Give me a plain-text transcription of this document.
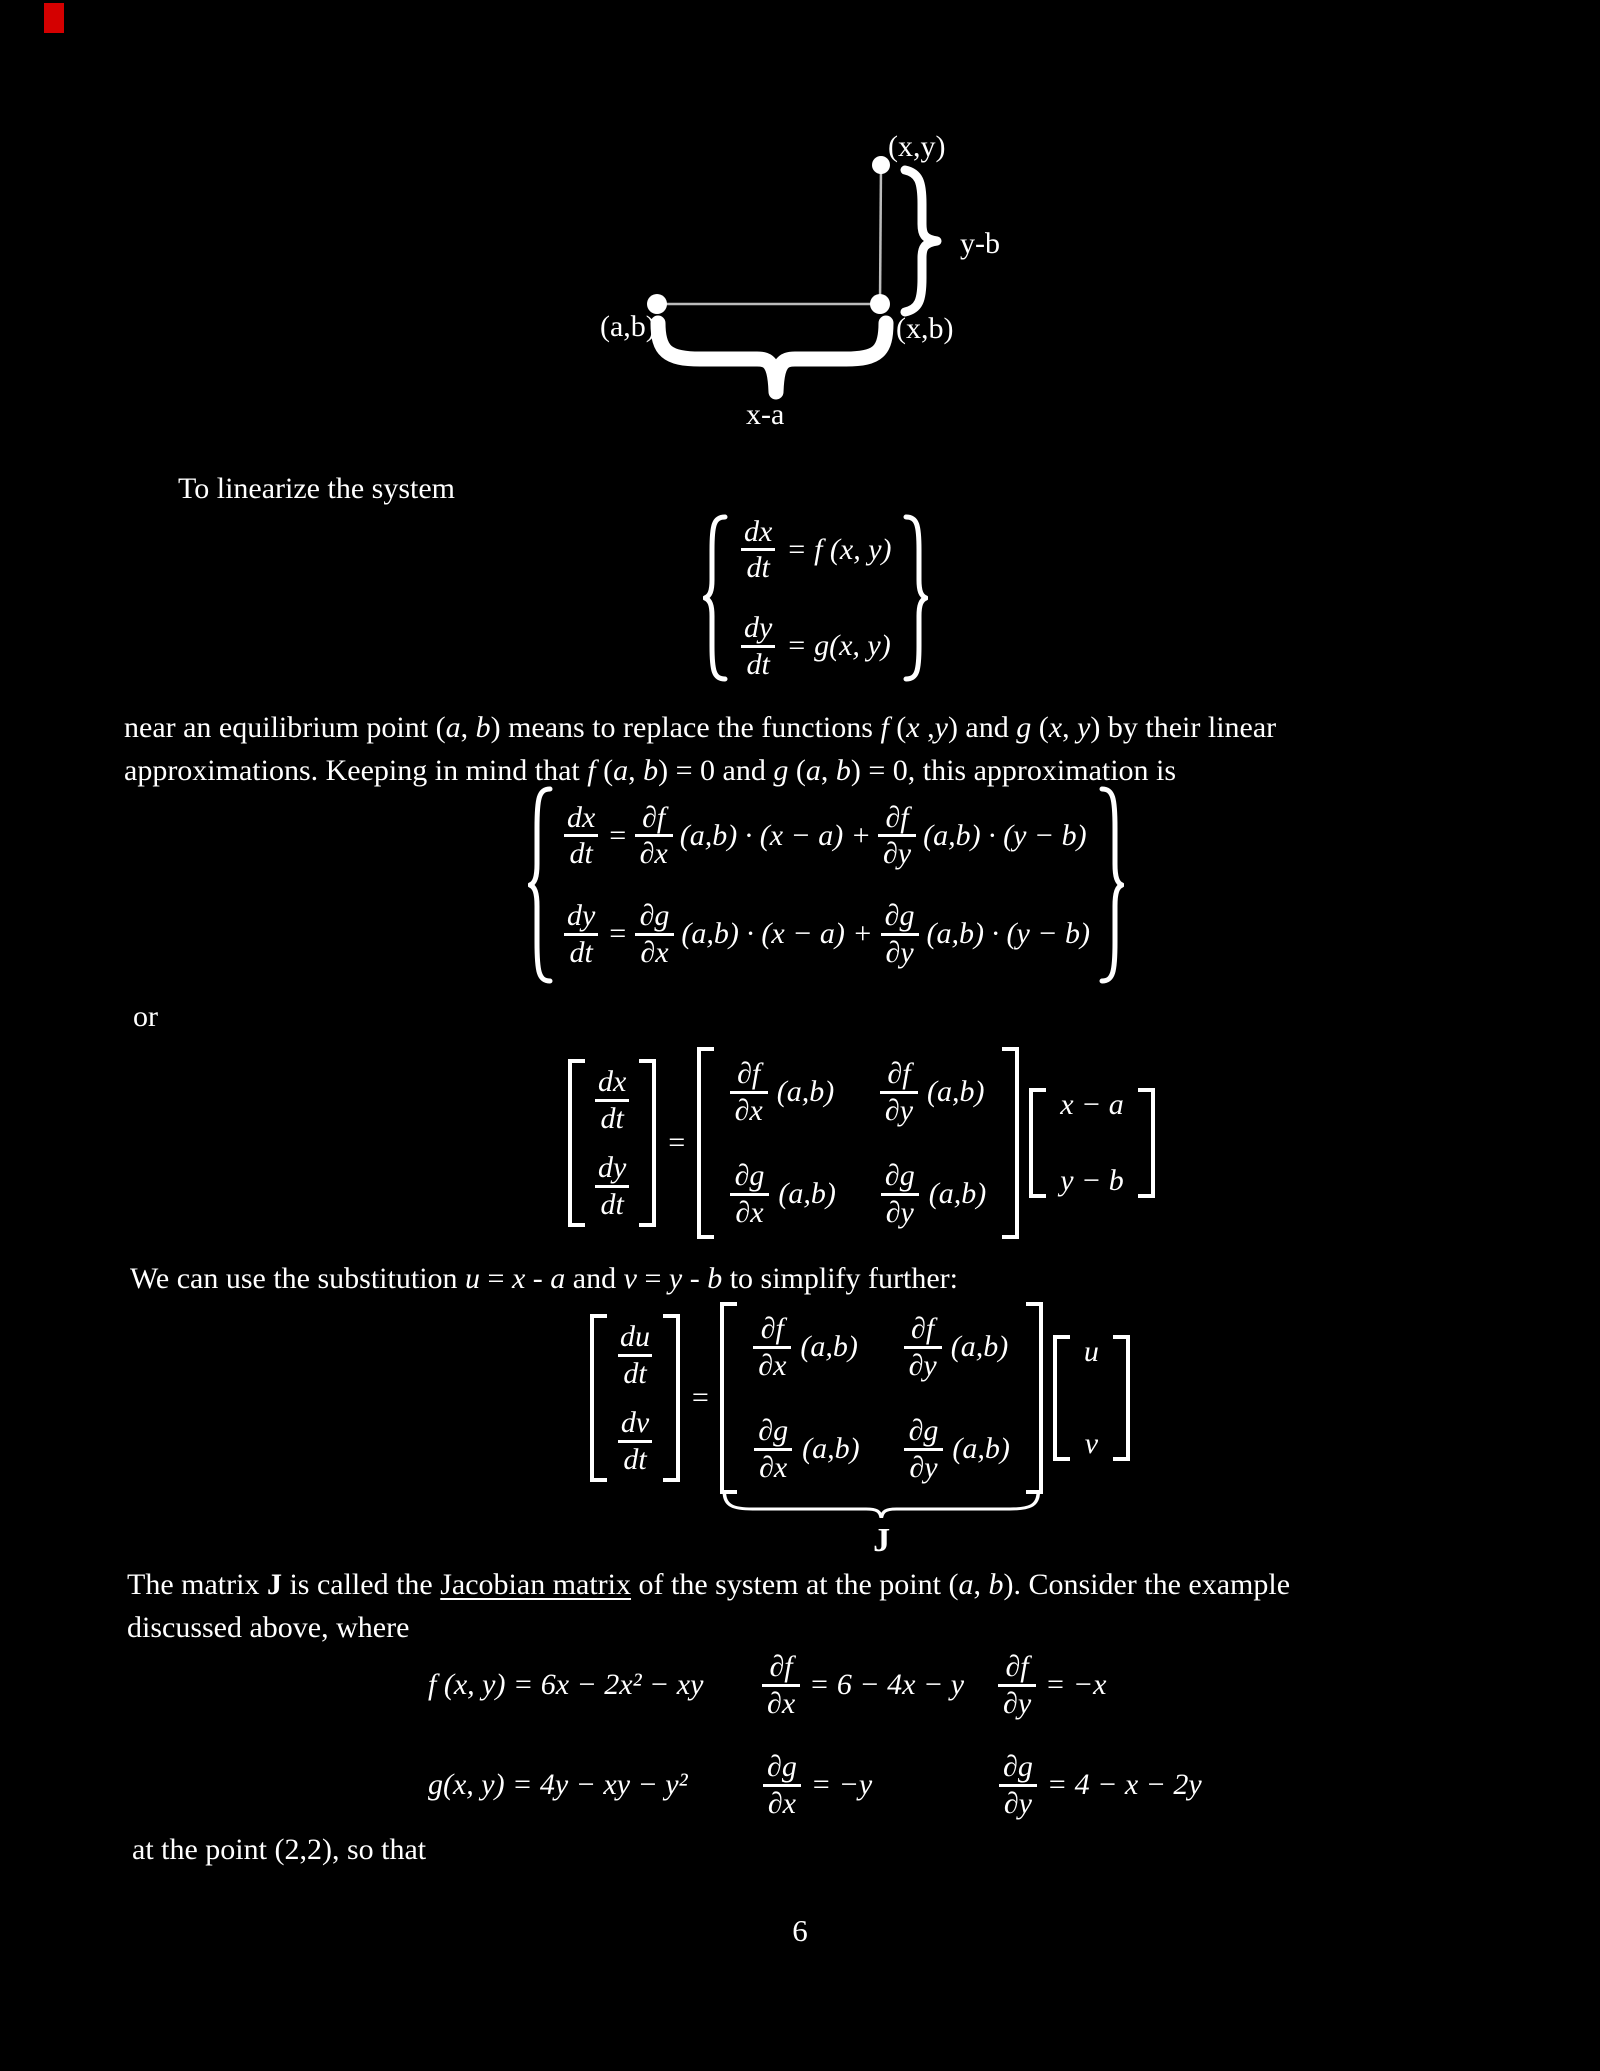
(x,y)
y-b
(x,b)
(a,b)
x-a
To linearize the system
$\frac{dx}{dt} = f$ (x, y)
$\frac{dy}{dt} = g(x$, y)
near an equilibrium point (a, b) means to replace the functions f (x ,y) and g (x, y) by their linear
approximations. Keeping in mind that f (a, b) = 0 and g (a, b) = 0, this approximation is
$\frac{dx}{dt} = \frac{\partial f}{\partial x} (a,b) \cdot (x - a) + \frac{\partial f}{\partial y} (a,b) \cdot (y - b)$
$\frac{dy}{dt} = \frac{\partial g}{\partial x} (a,b) \cdot (x - a) + \frac{\partial g}{\partial y} (a,b) \cdot (y - b)$
or
$\frac{dx}{dt}$
$\frac{dy}{dt}$
=
$\frac{\partial f}{\partial x} (a,b) \frac{\partial f}{\partial y} (a,b)$
$\frac{\partial g}{\partial x} (a,b) \frac{\partial g}{\partial y} (a,b)$
x − a
y − b
We can use the substitution u = x - a and v = y - b to simplify further:
$\frac{du}{dt}$
$\frac{dv}{dt}$
=
$\frac{\partial f}{\partial x} (a,b) \frac{\partial f}{\partial y} (a,b)$
$\frac{\partial g}{\partial x} (a,b) \frac{\partial g}{\partial y} (a,b)$
J
u
v
The matrix J is called the Jacobian matrix of the system at the point (a, b). Consider the example
discussed above, where
f (x, y) = 6x − 2x² − xy	$\frac{\partial f}{\partial x} = 6 - 4x - y \frac{\partial f}{\partial y} = -x$
g(x, y) = 4y − xy − y²	$\frac{\partial g}{\partial x} = -y$	$\frac{\partial g}{\partial y} = 4 - x - 2y$
at the point (2,2), so that
6
